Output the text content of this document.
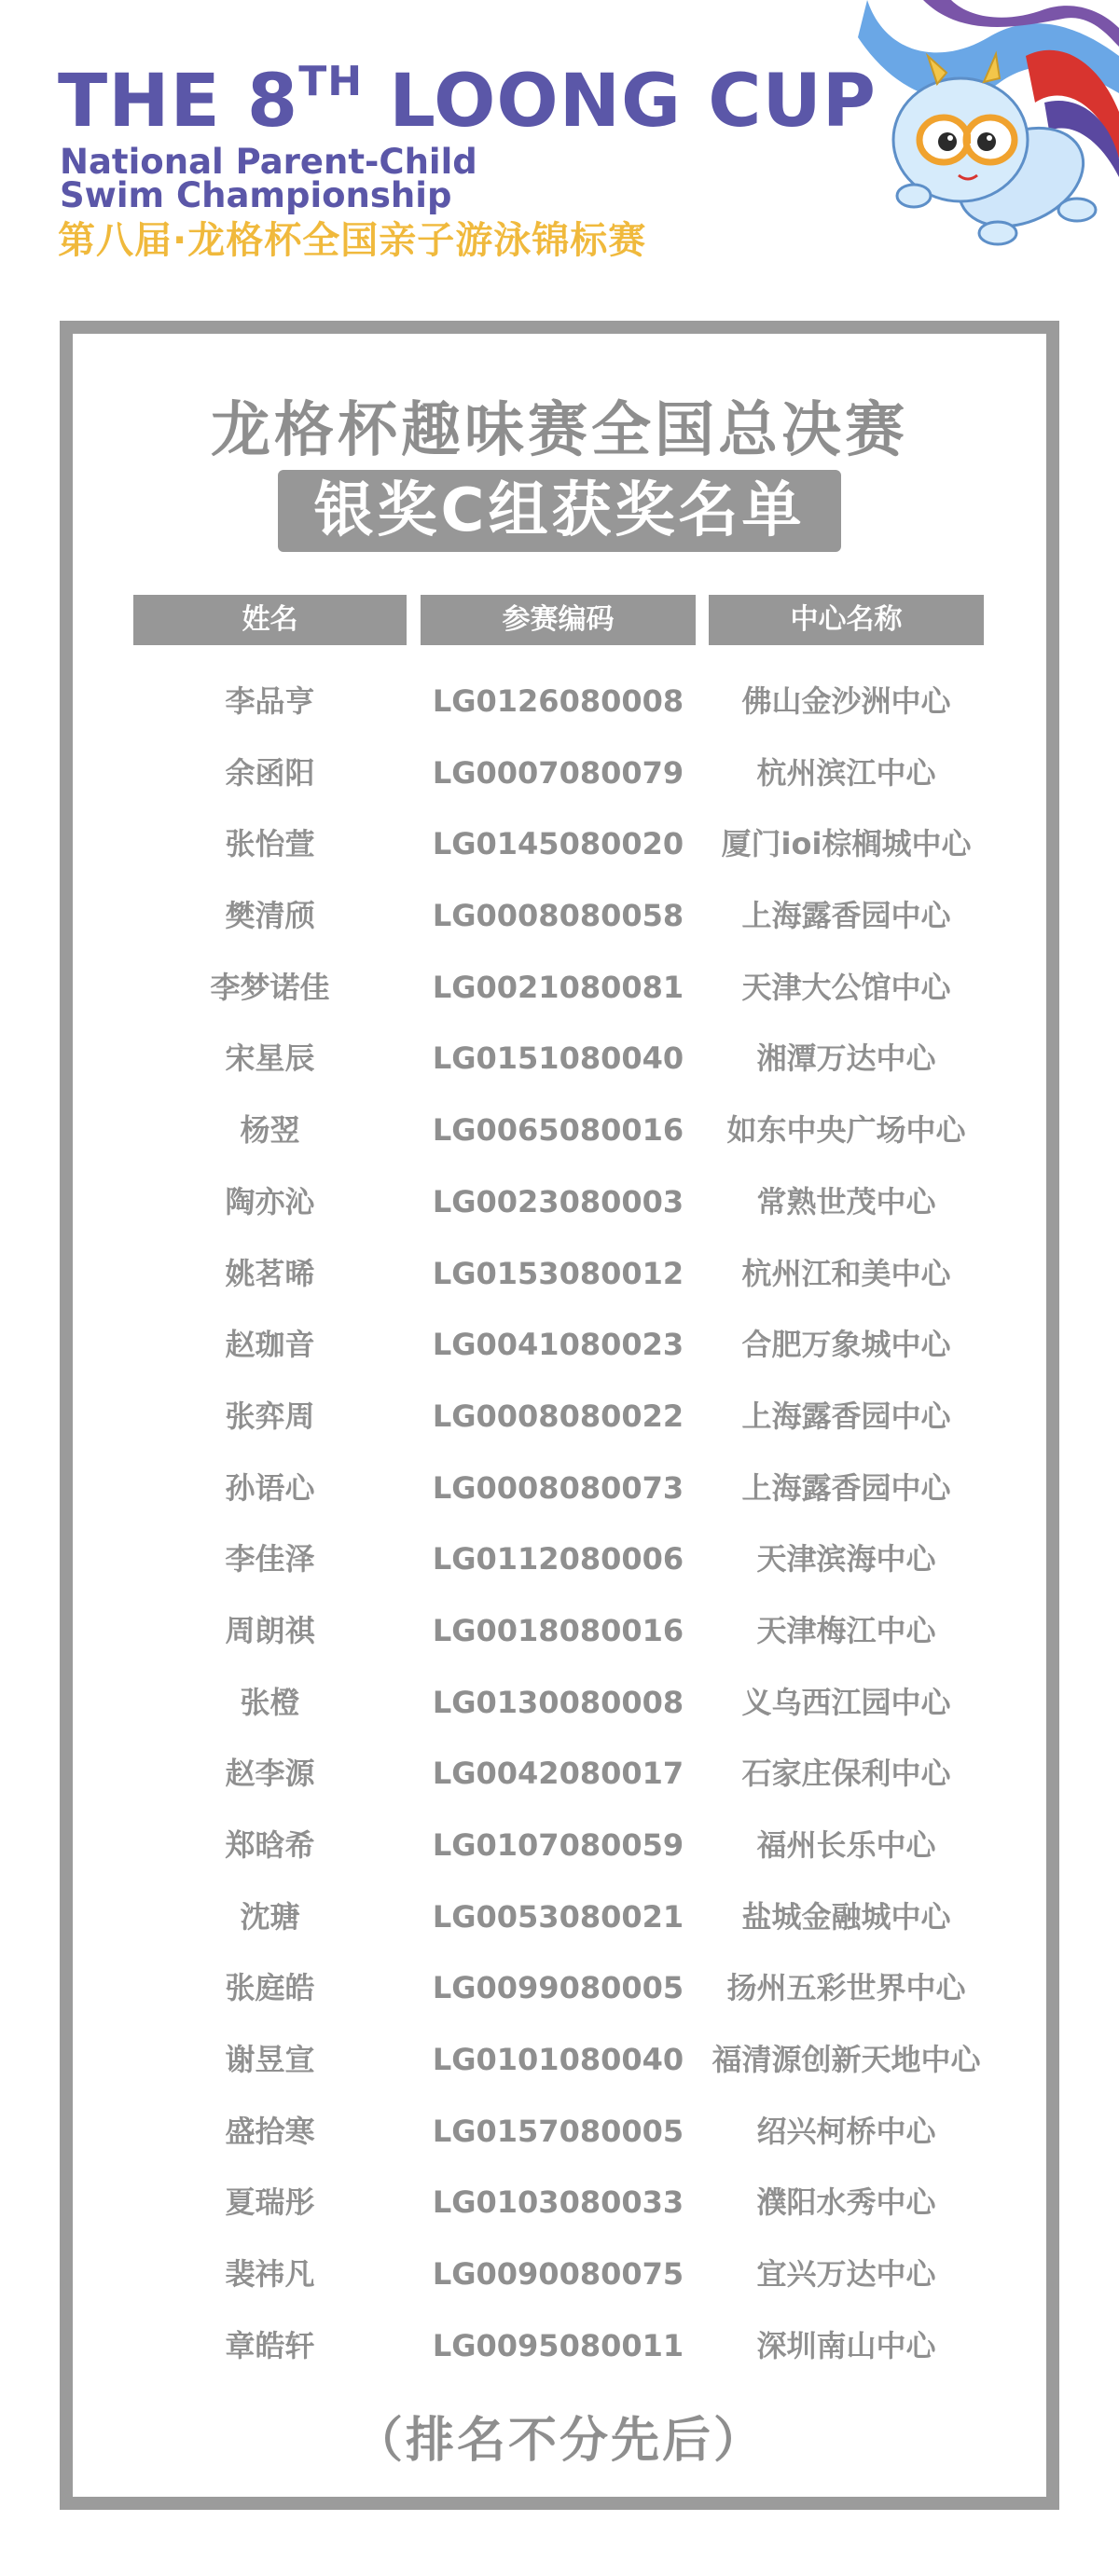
THE 8TH LOONG CUP
National Parent-Child
Swim Championship
第八届·龙格杯全国亲子游泳锦标赛
龙格杯趣味赛全国总决赛
银奖C组获奖名单
姓名	参赛编码	中心名称
李品亨	LG0126080008	佛山金沙洲中心
余函阳	LG0007080079	杭州滨江中心
张怡萱	LG0145080020	厦门ioi棕榈城中心
樊清颀	LG0008080058	上海露香园中心
李梦诺佳	LG0021080081	天津大公馆中心
宋星辰	LG0151080040	湘潭万达中心
杨翌	LG0065080016	如东中央广场中心
陶亦沁	LG0023080003	常熟世茂中心
姚茗晞	LG0153080012	杭州江和美中心
赵珈音	LG0041080023	合肥万象城中心
张弈周	LG0008080022	上海露香园中心
孙语心	LG0008080073	上海露香园中心
李佳泽	LG0112080006	天津滨海中心
周朗祺	LG0018080016	天津梅江中心
张橙	LG0130080008	义乌西江园中心
赵李源	LG0042080017	石家庄保利中心
郑晗希	LG0107080059	福州长乐中心
沈瑭	LG0053080021	盐城金融城中心
张庭皓	LG0099080005	扬州五彩世界中心
谢昱宣	LG0101080040 福清源创新天地中心
盛拾寒	LG0157080005	绍兴柯桥中心
夏瑞彤	LG0103080033	濮阳水秀中心
裴祎凡	LG0090080075	宜兴万达中心
章皓轩	LG0095080011	深圳南山中心
（排名不分先后）
